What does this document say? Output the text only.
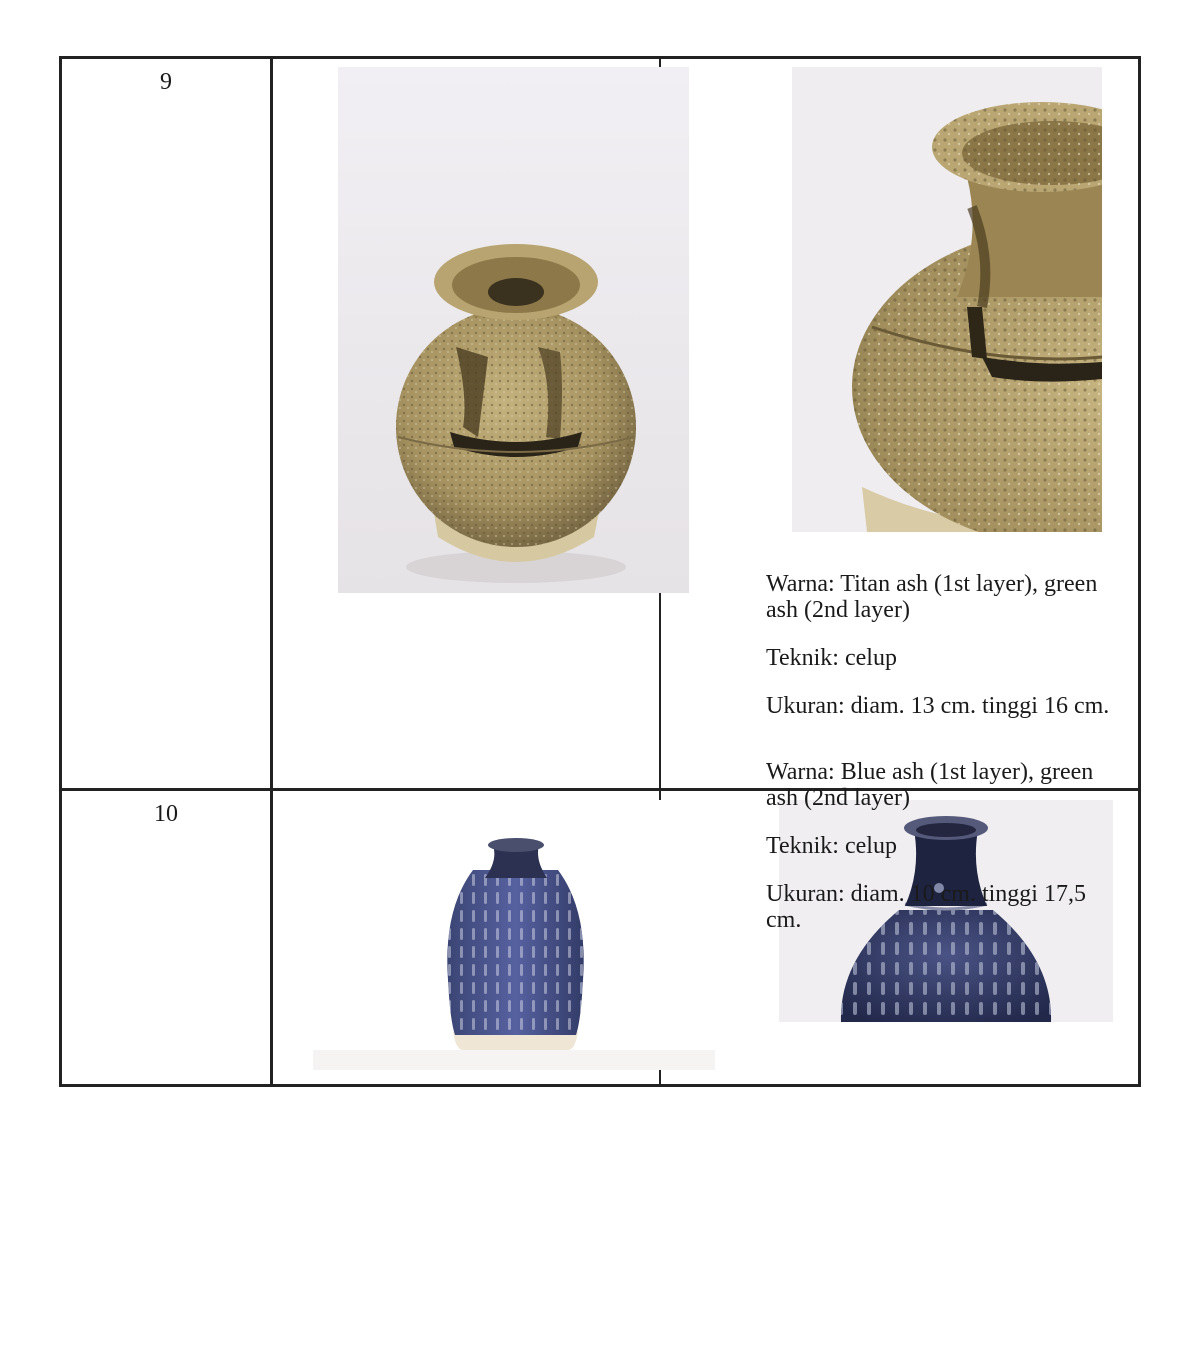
9

Warna: Titan ash (1st layer), green ash (2nd layer)

Teknik: celup

Ukuran: diam. 13 cm. tinggi 16 cm.

10

Warna: Blue ash (1st layer), green ash (2nd layer)

Teknik: celup

Ukuran: diam. 10 cm. tinggi 17,5 cm.
